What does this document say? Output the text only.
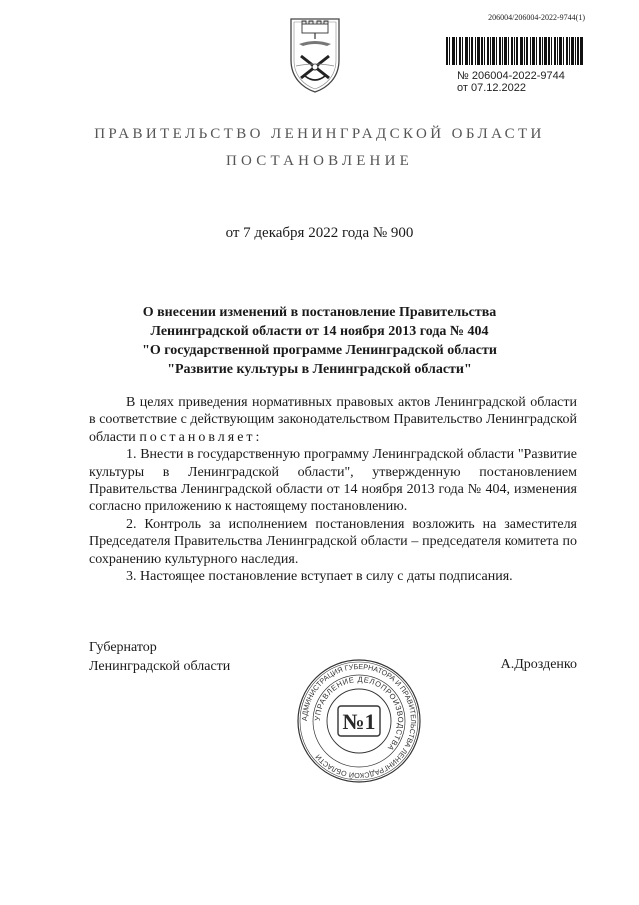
206004/206004-2022-9744(1)
№ 206004-2022-9744
от 07.12.2022
ПРАВИТЕЛЬСТВО ЛЕНИНГРАДСКОЙ ОБЛАСТИ
ПОСТАНОВЛЕНИЕ
от 7 декабря 2022 года № 900
О внесении изменений в постановление Правительства
Ленинградской области от 14 ноября 2013 года № 404
"О государственной программе Ленинградской области
"Развитие культуры в Ленинградской области"

В целях приведения нормативных правовых актов Ленинградской области в соответствие с действующим законодательством Правительство Ленинградской области постановляет:

1. Внести в государственную программу Ленинградской области "Развитие культуры в Ленинградской области", утвержденную постановлением Правительства Ленинградской области от 14 ноября 2013 года № 404, изменения согласно приложению к настоящему постановлению.

2. Контроль за исполнением постановления возложить на заместителя Председателя Правительства Ленинградской области – председателя комитета по сохранению культурного наследия.

3. Настоящее постановление вступает в силу с даты подписания.

Губернатор
Ленинградской области	А.Дрозденко
АДМИНИСТРАЦИЯ ГУБЕРНАТОРА И ПРАВИТЕЛЬСТВА ЛЕНИНГРАДСКОЙ ОБЛАСТИ
УПРАВЛЕНИЕ ДЕЛОПРОИЗВОДСТВА
№1
